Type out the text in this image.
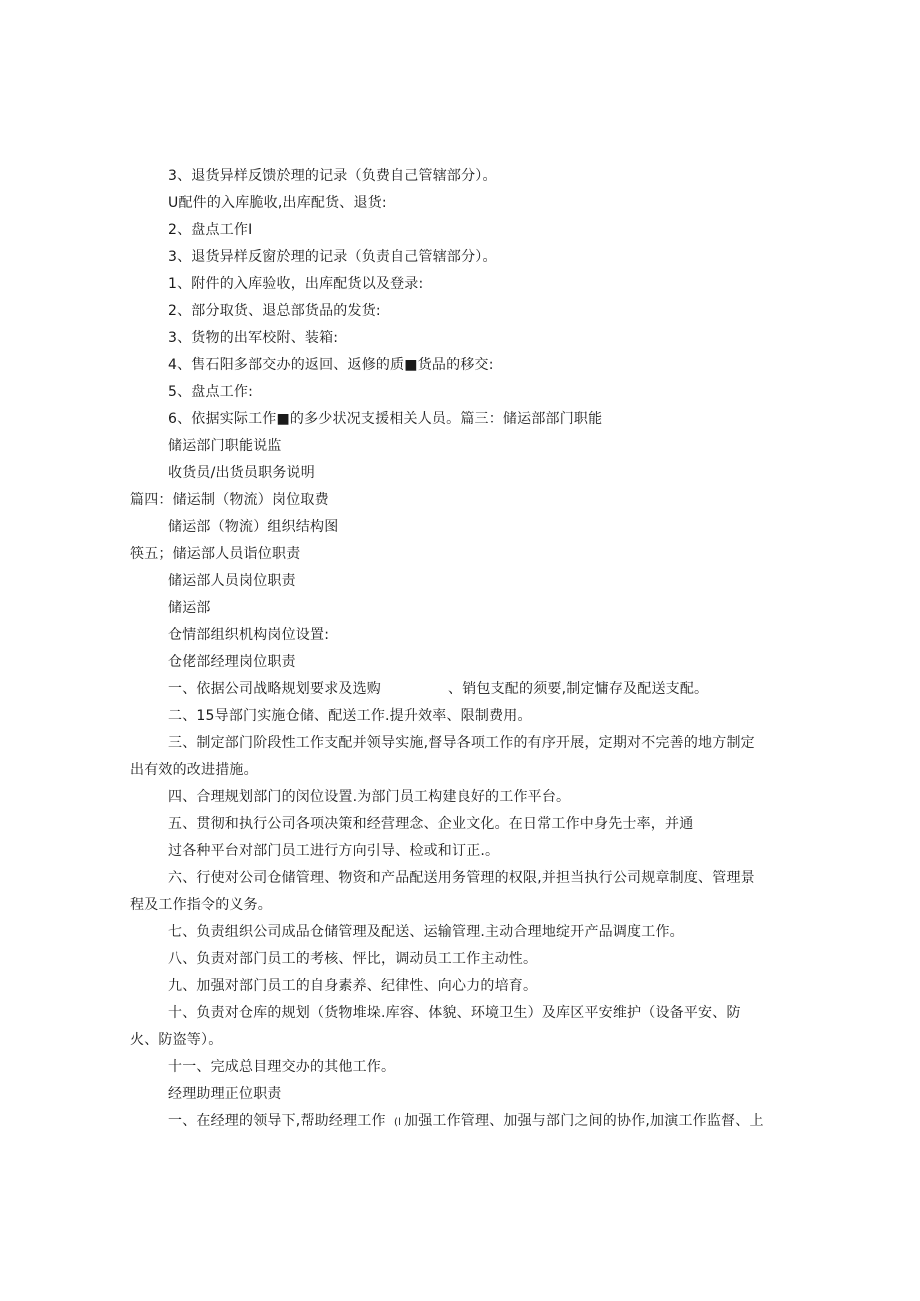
3、退货异样反馈於理的记录（负费自己管辖部分）。
U配件的入库脆收,出库配货、退货:
2、盘点工作I
3、退货异样反窗於理的记录（负责自己管辖部分）。
1、附件的入库验收，出库配货以及登录:
2、部分取货、退总部货品的发货:
3、货物的出军校附、装箱:
4、售石阳多部交办的返回、返修的质■货品的移交:
5、盘点工作:
6、依据实际工作■的多少状况支援相关人员。篇三：储运部部门职能
储运部门职能说监
收货员/出货员职务说明
篇四：储运制（物流）岗位取费
储运部（物流）组织结构图
筷五；储运部人员诣位职责
储运部人员岗位职责
储运部
仓情部组织机构岗位设置:
仓佬部经理岗位职责
一、依据公司战略规划要求及选购	、销包支配的须要,制定慵存及配送支配。
二、15导部门实施仓储、配送工作.提升效率、限制费用。
三、制定部门阶段性工作支配并领导实施,督导各项工作的有序开展，定期对不完善的地方制定
出有效的改进措施。
四、合理规划部门的闵位设置.为部门员工构建良好的工作平台。
五、贯彻和执行公司各项决策和经营理念、企业文化。在日常工作中身先士率，并通
过各种平台对部门员工进行方向引导、检或和订正.。
六、行使对公司仓储管理、物资和产品配送用务管理的权限,并担当执行公司规章制度、管理景
程及工作指令的义务。
七、负责组织公司成品仓储管理及配送、运输管理.主动合理地绽开产品调度工作。
八、负责对部门员工的考核、怦比，调动员工工作主动性。
九、加强对部门员工的自身素养、纪律性、向心力的培育。
十、负责对仓库的规划（货物堆垛.库容、体貌、环境卫生）及库区平安维护（设备平安、防
火、防盗等）。
十一、完成总目理交办的其他工作。
经理助理正位职责
一、在经理的领导下,帮助经理工作 (l 加强工作管理、加强与部门之间的协作,加演工作监督、上
